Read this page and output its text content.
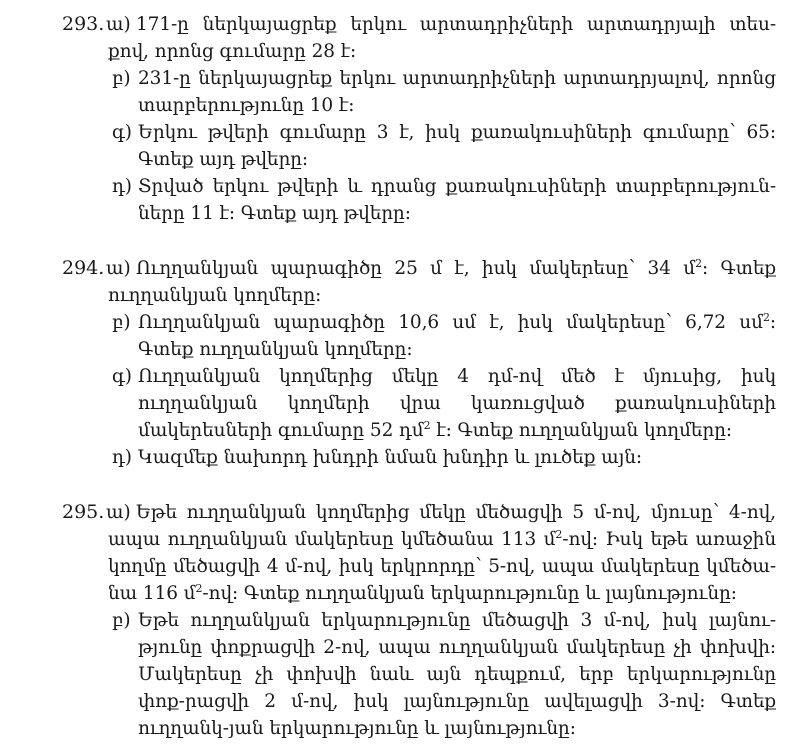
293. ա) 171-ը ներկայացրեք երկու արտադրիչների արտադրյալի տես-քով, որոնց գումարը 28 է:
բ) 231-ը ներկայացրեք երկու արտադրիչների արտադրյալով, որոնց տարբերությունը 10 է:
գ) Երկու թվերի գումարը 3 է, իսկ քառակուսիների գումարը՝ 65: Գտեք այդ թվերը:
դ) Տրված երկու թվերի և դրանց քառակուսիների տարբերություն-ները 11 է: Գտեք այդ թվերը:
294. ա) Ուղղանկյան պարագիծը 25 մ է, իսկ մակերեսը՝ 34 մ$^2$: Գտեք ուղղանկյան կողմերը:
բ) Ուղղանկյան պարագիծը 10,6 սմ է, իսկ մակերեսը՝ 6,72 սմ$^2$: Գտեք ուղղանկյան կողմերը:
գ) Ուղղանկյան կողմերից մեկը 4 դմ-ով մեծ է մյուսից, իսկ ուղղանկյան կողմերի վրա կառուցված քառակուսիների մակերեսների գումարը 52 դմ$^2$ է: Գտեք ուղղանկյան կողմերը:
դ) Կազմեք նախորդ խնդրի նման խնդիր և լուծեք այն:
295. ա) Եթե ուղղանկյան կողմերից մեկը մեծացվի 5 մ-ով, մյուսը՝ 4-ով, ապա ուղղանկյան մակերեսը կմեծանա 113 մ$^2$-ով: Իսկ եթե առաջին կողմը մեծացվի 4 մ-ով, իսկ երկրորդը՝ 5-ով, ապա մակերեսը կմեծա-նա 116 մ$^2$-ով: Գտեք ուղղանկյան երկարությունը և լայնությունը:
բ) Եթե ուղղանկյան երկարությունը մեծացվի 3 մ-ով, իսկ լայնու-թյունը փոքրացվի 2-ով, ապա ուղղանկյան մակերեսը չի փոխվի: Մակերեսը չի փոխվի նաև այն դեպքում, երբ երկարությունը փոք-րացվի 2 մ-ով, իսկ լայնությունը ավելացվի 3-ով: Գտեք ուղղանկ-յան երկարությունը և լայնությունը:
